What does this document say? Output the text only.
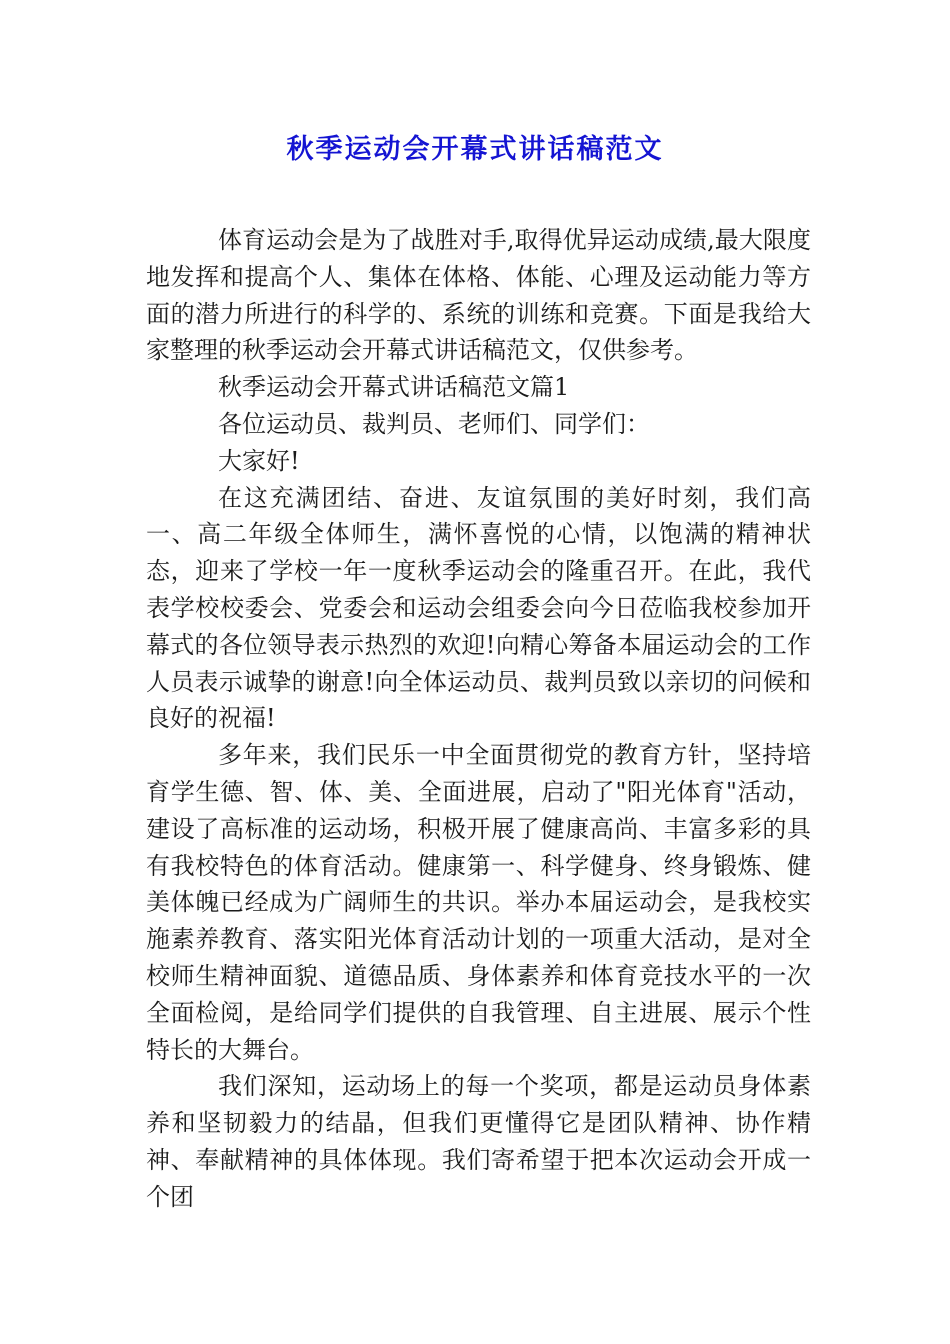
秋季运动会开幕式讲话稿范文

体育运动会是为了战胜对手,取得优异运动成绩,最大限度地发挥和提高个人、集体在体格、体能、心理及运动能力等方面的潜力所进行的科学的、系统的训练和竞赛。下面是我给大家整理的秋季运动会开幕式讲话稿范文，仅供参考。

秋季运动会开幕式讲话稿范文篇1

各位运动员、裁判员、老师们、同学们：

大家好!

在这充满团结、奋进、友谊氛围的美好时刻，我们高一、高二年级全体师生，满怀喜悦的心情，以饱满的精神状态，迎来了学校一年一度秋季运动会的隆重召开。在此，我代表学校校委会、党委会和运动会组委会向今日莅临我校参加开幕式的各位领导表示热烈的欢迎!向精心筹备本届运动会的工作人员表示诚挚的谢意!向全体运动员、裁判员致以亲切的问候和良好的祝福!

多年来，我们民乐一中全面贯彻党的教育方针，坚持培育学生德、智、体、美、全面进展，启动了"阳光体育"活动，建设了高标准的运动场，积极开展了健康高尚、丰富多彩的具有我校特色的体育活动。健康第一、科学健身、终身锻炼、健美体魄已经成为广阔师生的共识。举办本届运动会，是我校实施素养教育、落实阳光体育活动计划的一项重大活动，是对全校师生精神面貌、道德品质、身体素养和体育竞技水平的一次全面检阅，是给同学们提供的自我管理、自主进展、展示个性特长的大舞台。

我们深知，运动场上的每一个奖项，都是运动员身体素养和坚韧毅力的结晶，但我们更懂得它是团队精神、协作精神、奉献精神的具体体现。我们寄希望于把本次运动会开成一个团
